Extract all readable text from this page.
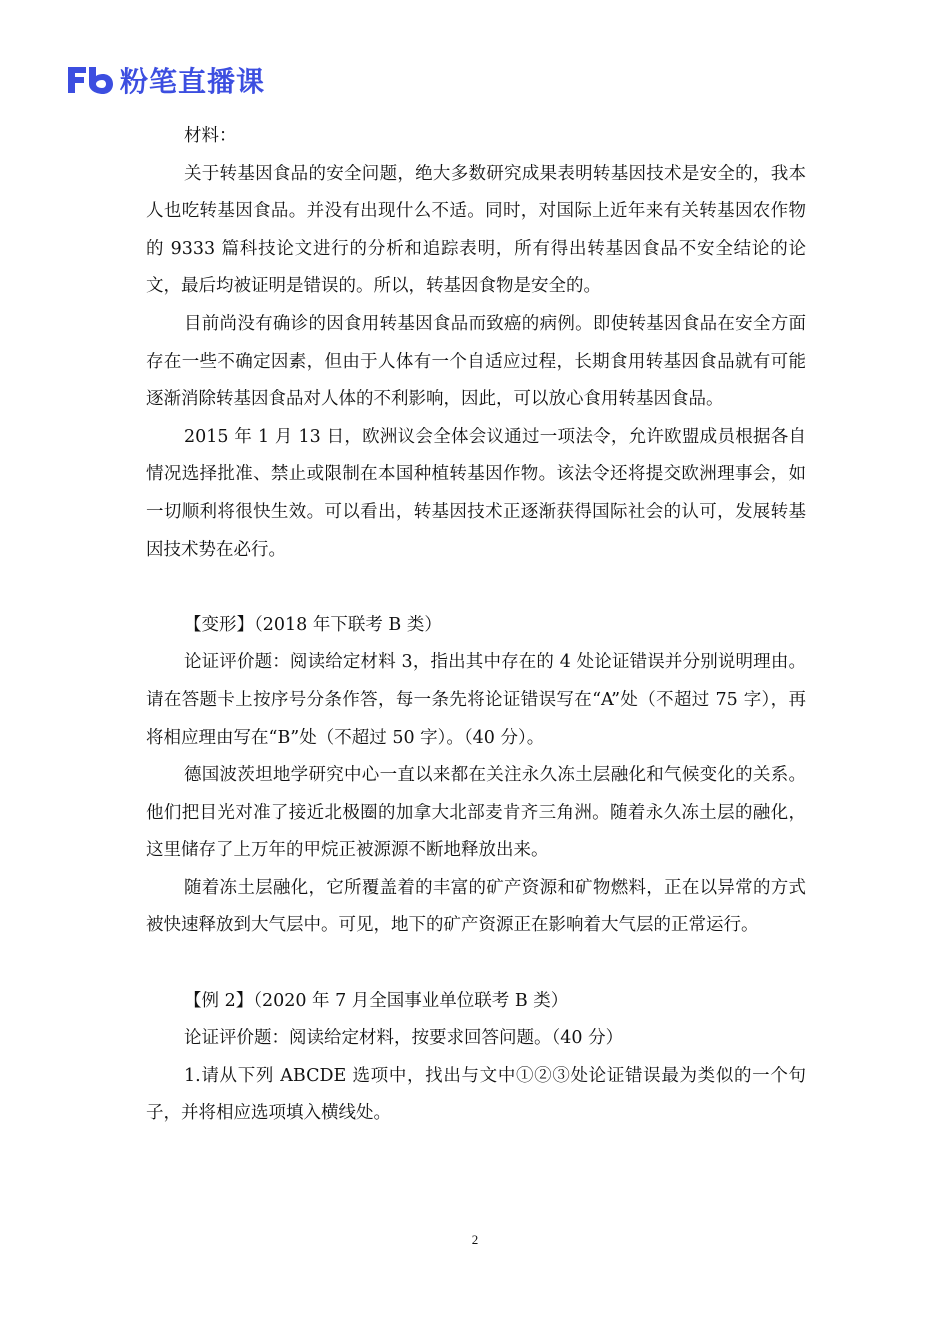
粉笔直播课

材料：

关于转基因食品的安全问题，绝大多数研究成果表明转基因技术是安全的，我本人也吃转基因食品。并没有出现什么不适。同时，对国际上近年来有关转基因农作物的 9333 篇科技论文进行的分析和追踪表明，所有得出转基因食品不安全结论的论文，最后均被证明是错误的。所以，转基因食物是安全的。

目前尚没有确诊的因食用转基因食品而致癌的病例。即使转基因食品在安全方面存在一些不确定因素，但由于人体有一个自适应过程，长期食用转基因食品就有可能逐渐消除转基因食品对人体的不利影响，因此，可以放心食用转基因食品。

2015 年 1 月 13 日，欧洲议会全体会议通过一项法令，允许欧盟成员根据各自情况选择批准、禁止或限制在本国种植转基因作物。该法令还将提交欧洲理事会，如一切顺利将很快生效。可以看出，转基因技术正逐渐获得国际社会的认可，发展转基因技术势在必行。

【变形】（2018 年下联考 B 类）

论证评价题：阅读给定材料 3，指出其中存在的 4 处论证错误并分别说明理由。请在答题卡上按序号分条作答，每一条先将论证错误写在“A”处（不超过 75 字），再将相应理由写在“B”处（不超过 50 字）。（40 分）。

德国波茨坦地学研究中心一直以来都在关注永久冻土层融化和气候变化的关系。他们把目光对准了接近北极圈的加拿大北部麦肯齐三角洲。随着永久冻土层的融化，这里储存了上万年的甲烷正被源源不断地释放出来。

随着冻土层融化，它所覆盖着的丰富的矿产资源和矿物燃料，正在以异常的方式被快速释放到大气层中。可见，地下的矿产资源正在影响着大气层的正常运行。

【例 2】（2020 年 7 月全国事业单位联考 B 类）

论证评价题：阅读给定材料，按要求回答问题。（40 分）

1.请从下列 ABCDE 选项中，找出与文中①②③处论证错误最为类似的一个句子，并将相应选项填入横线处。

2
